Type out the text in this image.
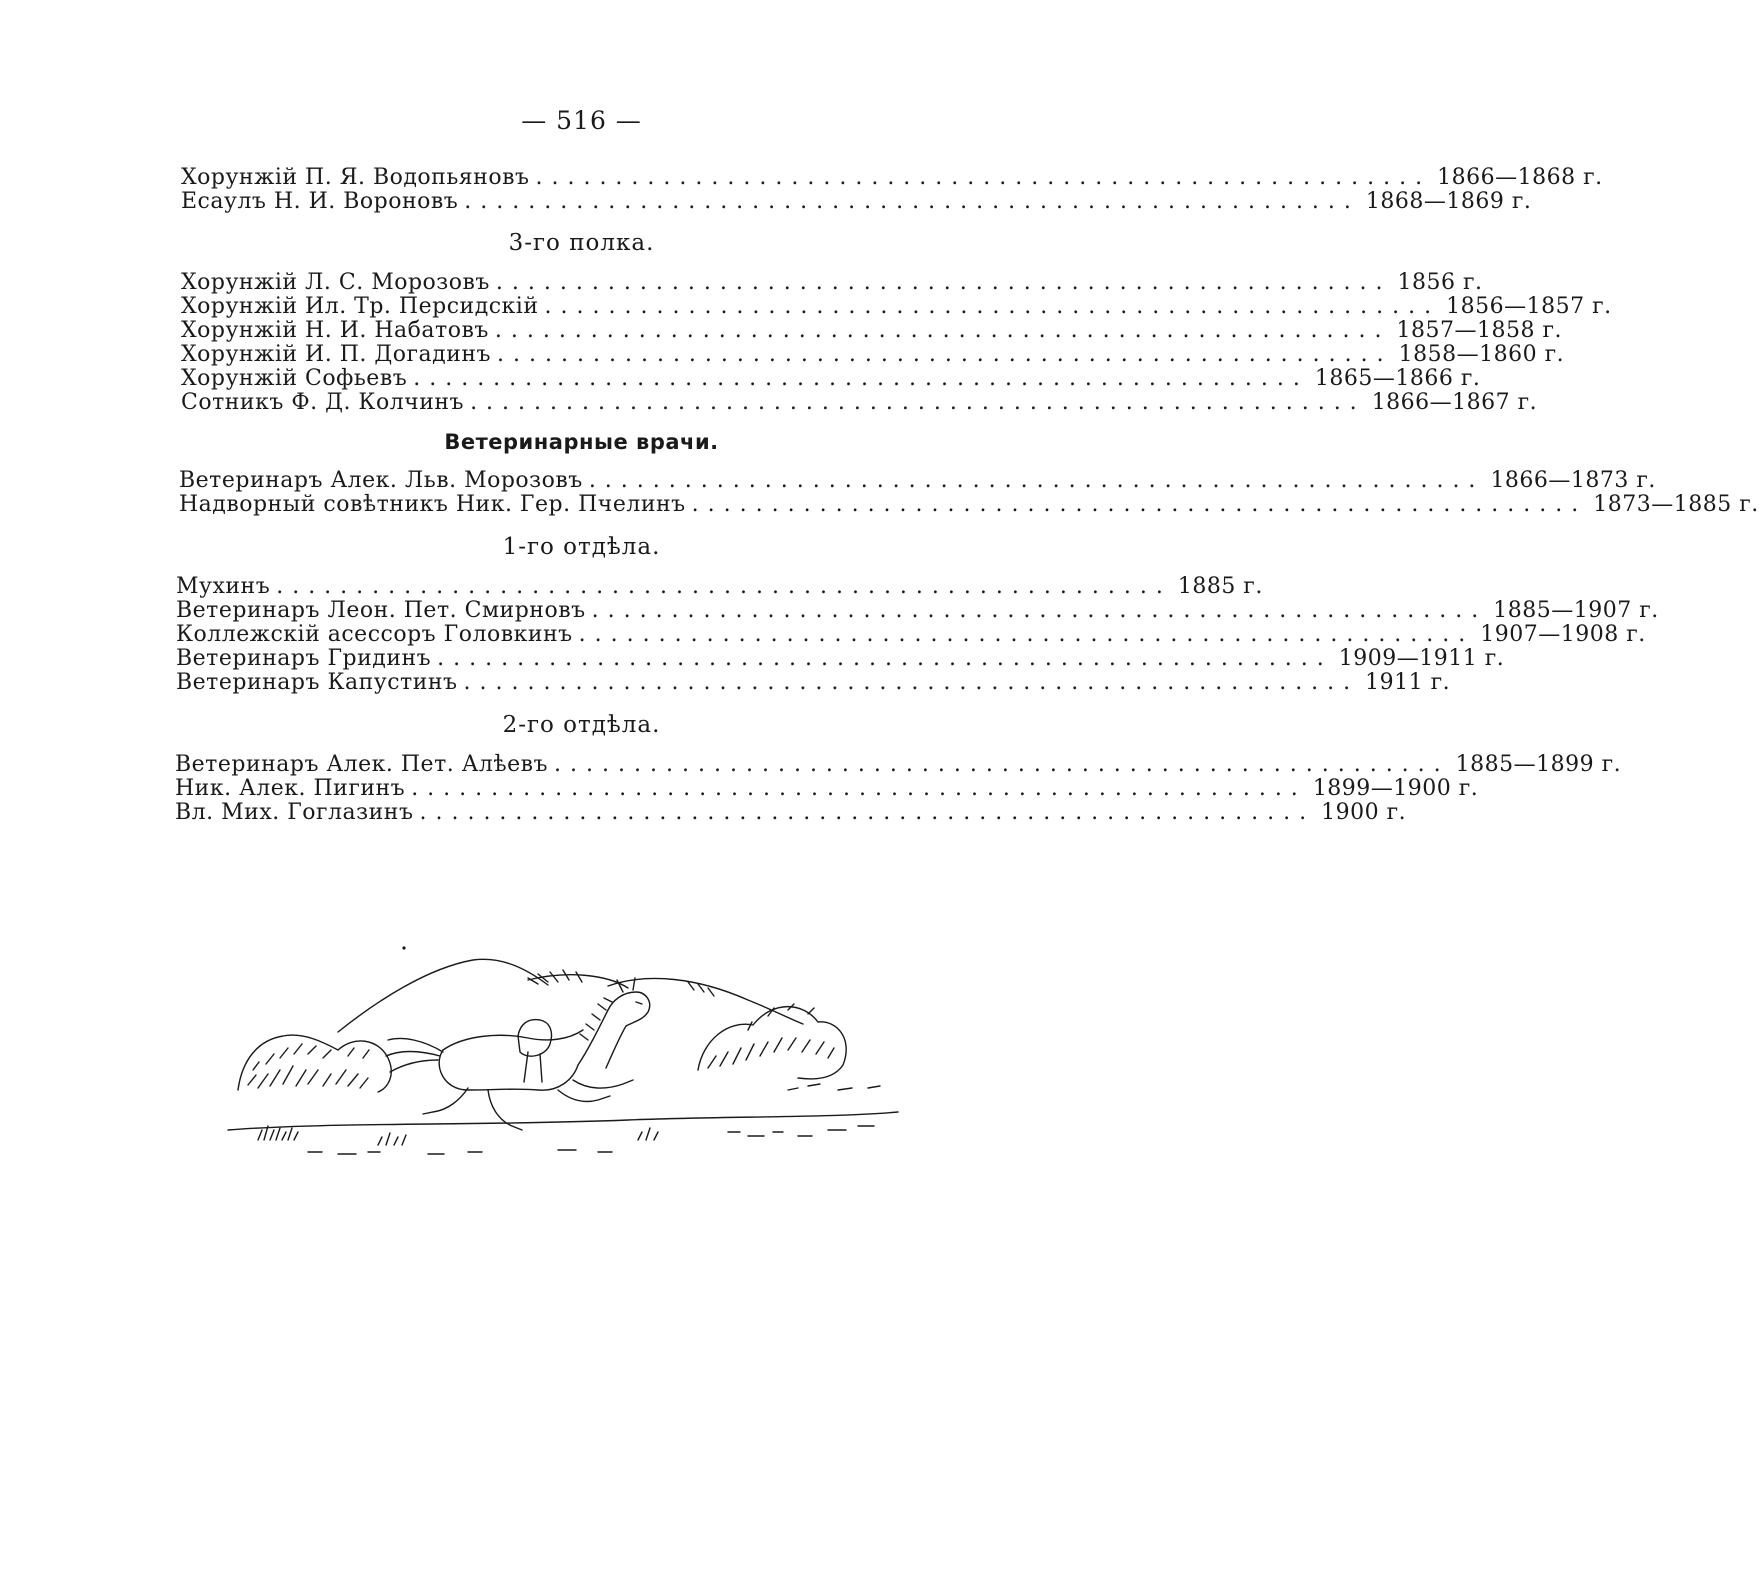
— 516 —
Хорунжій П. Я. Водопьяновъ ........................................................ 1866—1868 г.
Есаулъ Н. И. Вороновъ ........................................................ 1868—1869 г.
3-го полка.
Хорунжій Л. С. Морозовъ ........................................................ 1856 г.
Хорунжій Ил. Тр. Персидскій ........................................................ 1856—1857 г.
Хорунжій Н. И. Набатовъ ........................................................ 1857—1858 г.
Хорунжій И. П. Догадинъ ........................................................ 1858—1860 г.
Хорунжій Софьевъ ........................................................ 1865—1866 г.
Сотникъ Ф. Д. Колчинъ ........................................................ 1866—1867 г.
Ветеринарные врачи.
Ветеринаръ Алек. Льв. Морозовъ ........................................................ 1866—1873 г.
Надворный совѣтникъ Ник. Гер. Пчелинъ ........................................................ 1873—1885 г.
1-го отдѣла.
Мухинъ ........................................................ 1885 г.
Ветеринаръ Леон. Пет. Смирновъ ........................................................ 1885—1907 г.
Коллежскій асессоръ Головкинъ ........................................................ 1907—1908 г.
Ветеринаръ Гридинъ ........................................................ 1909—1911 г.
Ветеринаръ Капустинъ ........................................................ 1911 г.
2-го отдѣла.
Ветеринаръ Алек. Пет. Алѣевъ ........................................................ 1885—1899 г.
Ник. Алек. Пигинъ ........................................................ 1899—1900 г.
Вл. Мих. Гоглазинъ ........................................................ 1900 г.
